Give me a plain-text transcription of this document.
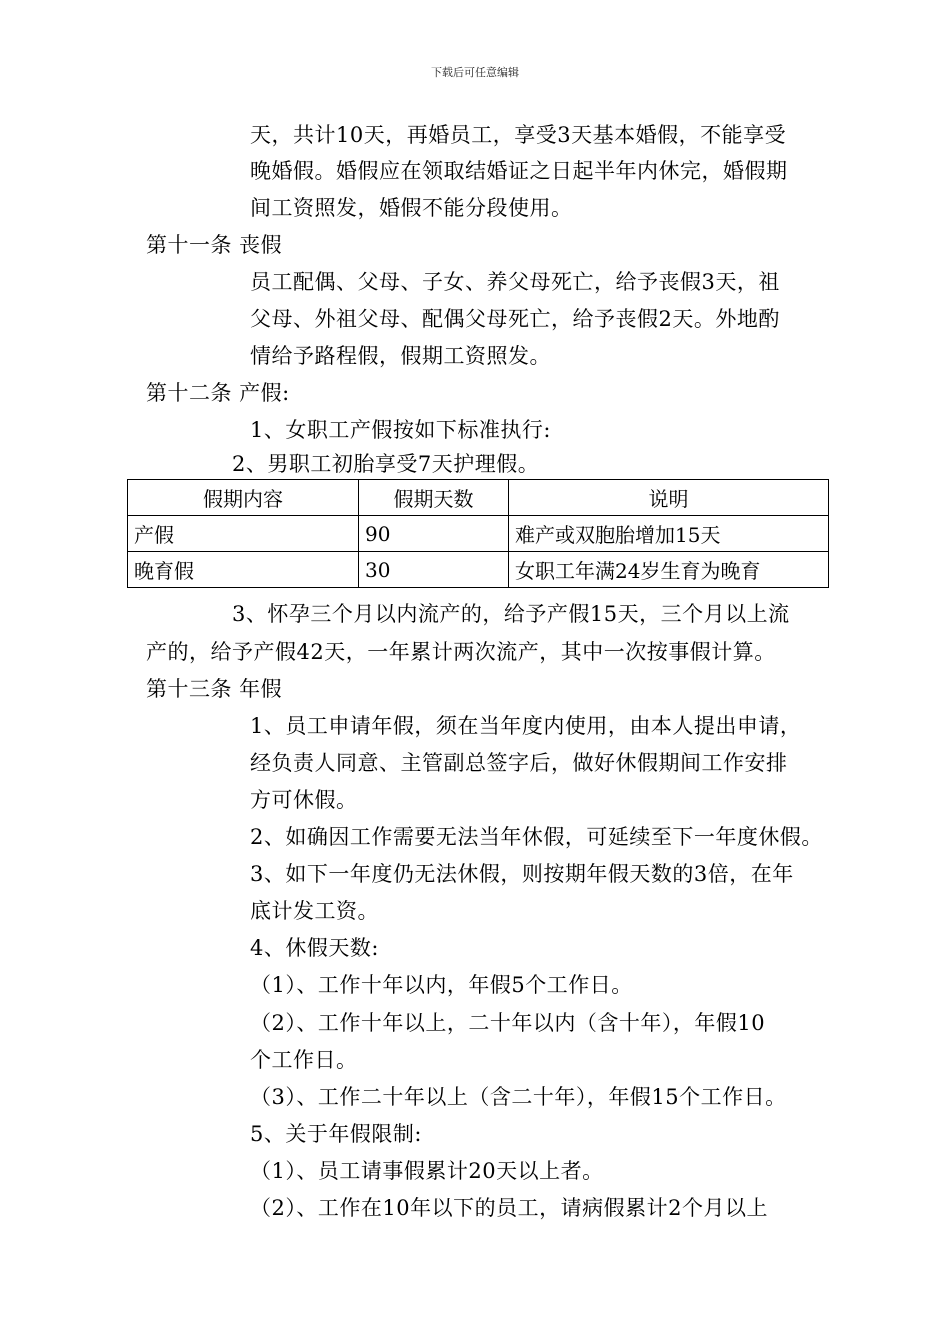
下载后可任意编辑
天，共计10天，再婚员工，享受3天基本婚假，不能享受
晚婚假。婚假应在领取结婚证之日起半年内休完，婚假期
间工资照发，婚假不能分段使用。
第十一条 丧假
员工配偶、父母、子女、养父母死亡，给予丧假3天，祖
父母、外祖父母、配偶父母死亡，给予丧假2天。外地酌
情给予路程假，假期工资照发。
第十二条 产假:
1、女职工产假按如下标准执行:
2、男职工初胎享受7天护理假。
假期内容	假期天数	说明
产假	90	难产或双胞胎增加15天
晚育假	30	女职工年满24岁生育为晚育
3、怀孕三个月以内流产的，给予产假15天，三个月以上流
产的，给予产假42天，一年累计两次流产，其中一次按事假计算。
第十三条 年假
1、员工申请年假，须在当年度内使用，由本人提出申请，
经负责人同意、主管副总签字后，做好休假期间工作安排
方可休假。
2、如确因工作需要无法当年休假，可延续至下一年度休假。
3、如下一年度仍无法休假，则按期年假天数的3倍，在年
底计发工资。
4、休假天数:
（1）、工作十年以内，年假5个工作日。
（2）、工作十年以上，二十年以内（含十年），年假10
个工作日。
（3）、工作二十年以上（含二十年），年假15个工作日。
5、关于年假限制:
（1）、员工请事假累计20天以上者。
（2）、工作在10年以下的员工，请病假累计2个月以上
